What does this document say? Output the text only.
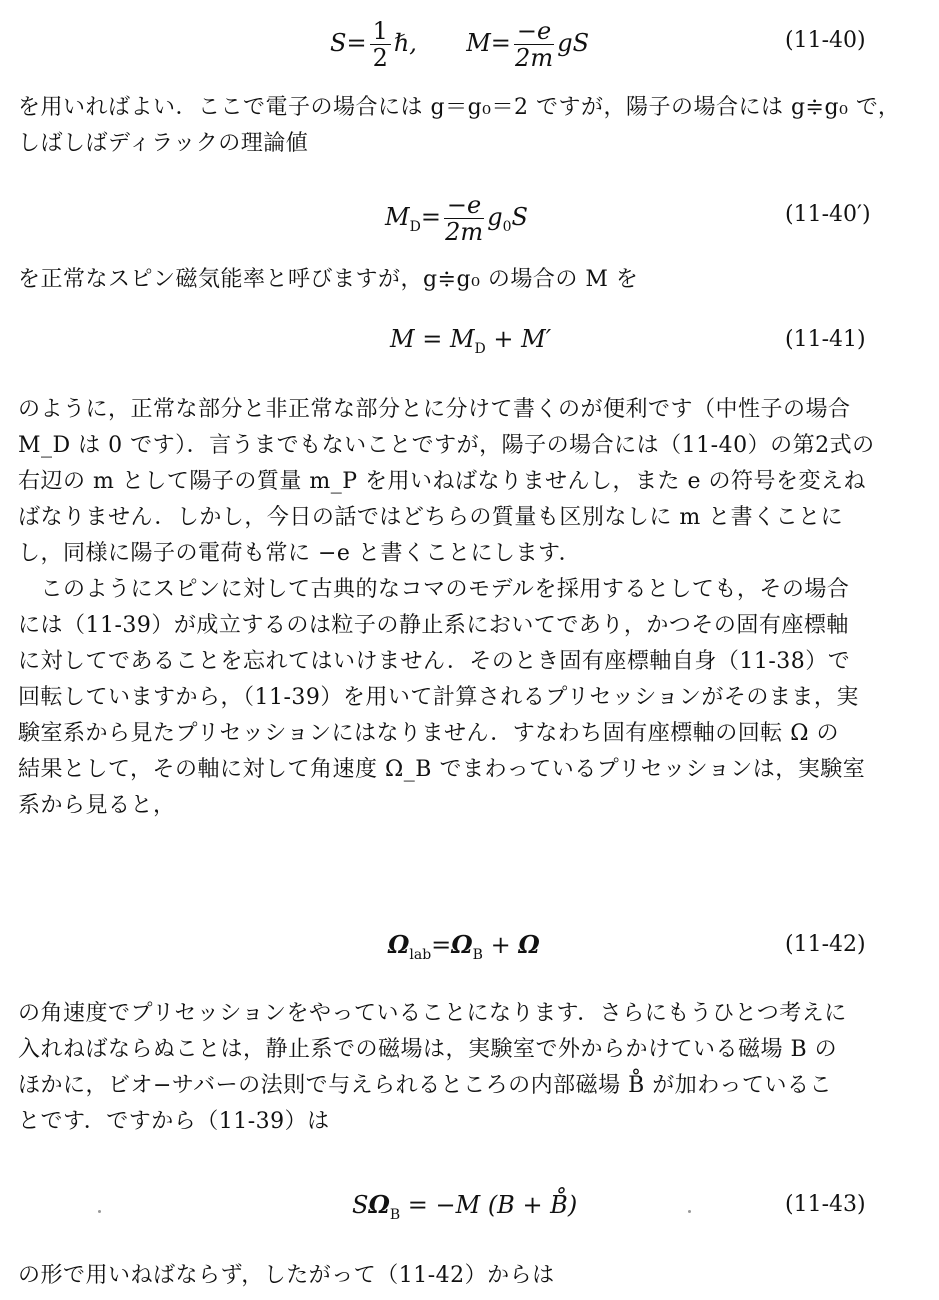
$S= \frac{1}{2}$ ℏ, $M= \frac{-e}{2m}$ gS	(11-40)
を用いればよい．ここで電子の場合には g＝g₀＝2 ですが，陽子の場合には g≑g₀ で，
しばしばディラックの理論値
$M_D= \frac{-e}{2m} g_0S$	(11-40′)
を正常なスピン磁気能率と呼びますが，g≑g₀ の場合の M を
$M = M_D + M'$	(11-41)
のように，正常な部分と非正常な部分とに分けて書くのが便利です（中性子の場合
M_D は 0 です）．言うまでもないことですが，陽子の場合には（11-40）の第2式の
右辺の m として陽子の質量 m_P を用いねばなりませんし，また e の符号を変えね
ばなりません．しかし，今日の話ではどちらの質量も区別なしに m と書くことに
し，同様に陽子の電荷も常に −e と書くことにします．
　このようにスピンに対して古典的なコマのモデルを採用するとしても，その場合
には（11-39）が成立するのは粒子の静止系においてであり，かつその固有座標軸
に対してであることを忘れてはいけません．そのとき固有座標軸自身（11-38）で
回転していますから，（11-39）を用いて計算されるプリセッションがそのまま，実
験室系から見たプリセッションにはなりません．すなわち固有座標軸の回転 Ω の
結果として，その軸に対して角速度 Ω_B でまわっているプリセッションは，実験室
系から見ると，
$\Omega_{lab}=\Omega_B + \Omega$	(11-42)
の角速度でプリセッションをやっていることになります．さらにもうひとつ考えに
入れねばならぬことは，静止系での磁場は，実験室で外からかけている磁場 B の
ほかに，ビオ−サバーの法則で与えられるところの内部磁場 B̊ が加わっているこ
とです．ですから（11-39）は
$S\Omega_B = -M$ (B + B̊)	(11-43)
の形で用いねばならず，したがって（11-42）からは
